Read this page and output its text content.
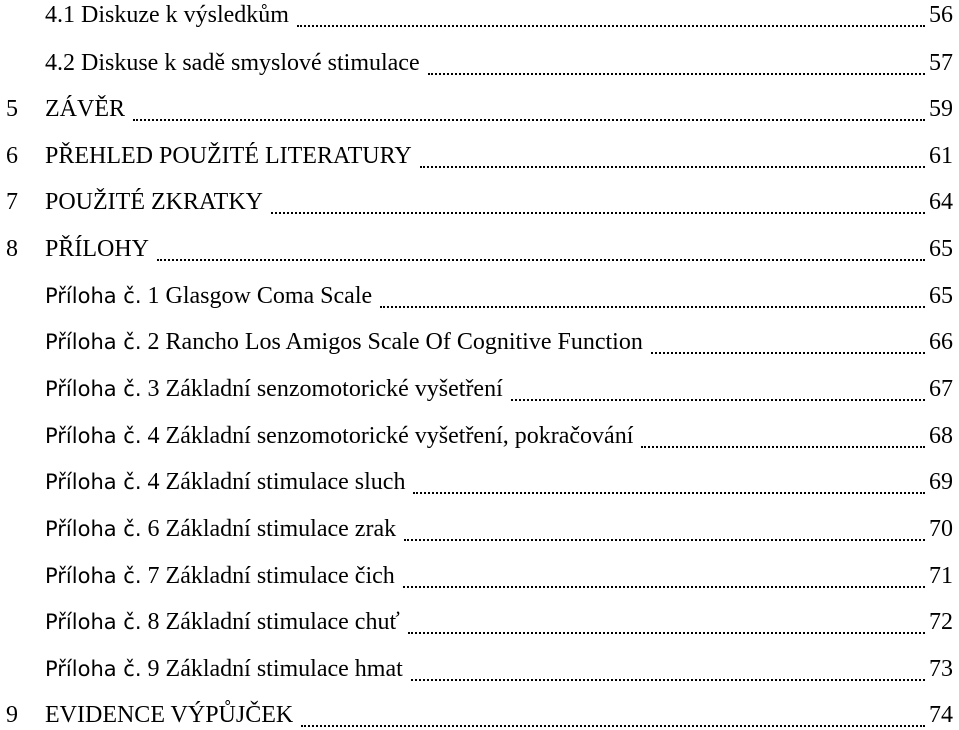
4.1 Diskuze k výsledkům	56
4.2 Diskuse k sadě smyslové stimulace	57
5 ZÁVĚR	59
6 PŘEHLED POUŽITÉ LITERATURY	61
7 POUŽITÉ ZKRATKY	64
8 PŘÍLOHY	65
Příloha č. 1 Glasgow Coma Scale	65
Příloha č. 2 Rancho Los Amigos Scale Of Cognitive Function	66
Příloha č. 3 Základní senzomotorické vyšetření	67
Příloha č. 4 Základní senzomotorické vyšetření, pokračování	68
Příloha č. 4 Základní stimulace sluch	69
Příloha č. 6 Základní stimulace zrak	70
Příloha č. 7 Základní stimulace čich	71
Příloha č. 8 Základní stimulace chuť	72
Příloha č. 9 Základní stimulace hmat	73
9 EVIDENCE VÝPŮJČEK	74
